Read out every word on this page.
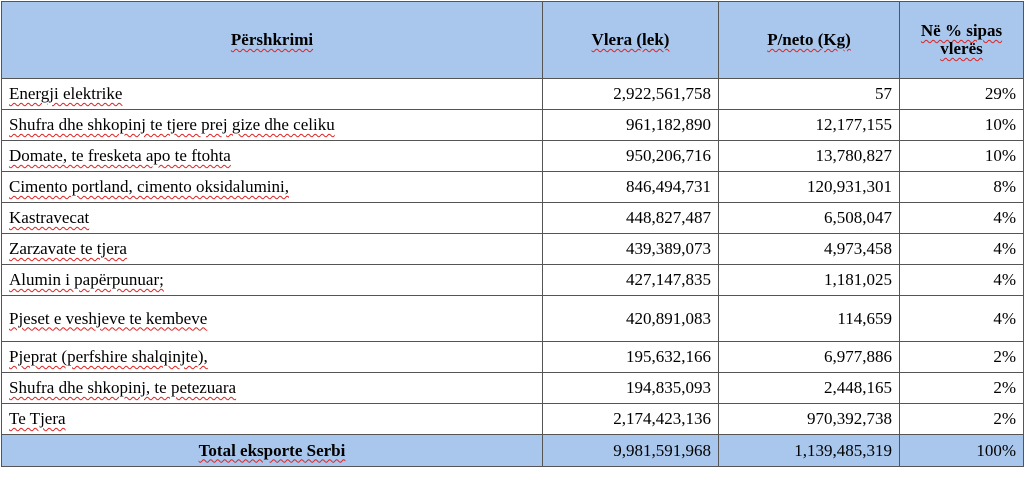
Përshkrimi	Vlera (lek)	P/neto (Kg)	Në % sipas vlerës
Energji elektrike	2,922,561,758	57	29%
Shufra dhe shkopinj te tjere prej gize dhe celiku	961,182,890	12,177,155	10%
Domate, te fresketa apo te ftohta	950,206,716	13,780,827	10%
Cimento portland, cimento oksidalumini,	846,494,731	120,931,301	8%
Kastravecat	448,827,487	6,508,047	4%
Zarzavate te tjera	439,389,073	4,973,458	4%
Alumin i papërpunuar;	427,147,835	1,181,025	4%
Pjeset e veshjeve te kembeve	420,891,083	114,659	4%
Pjeprat (perfshire shalqinjte),	195,632,166	6,977,886	2%
Shufra dhe shkopinj, te petezuara	194,835,093	2,448,165	2%
Te Tjera	2,174,423,136	970,392,738	2%
Total eksporte Serbi	9,981,591,968	1,139,485,319	100%
